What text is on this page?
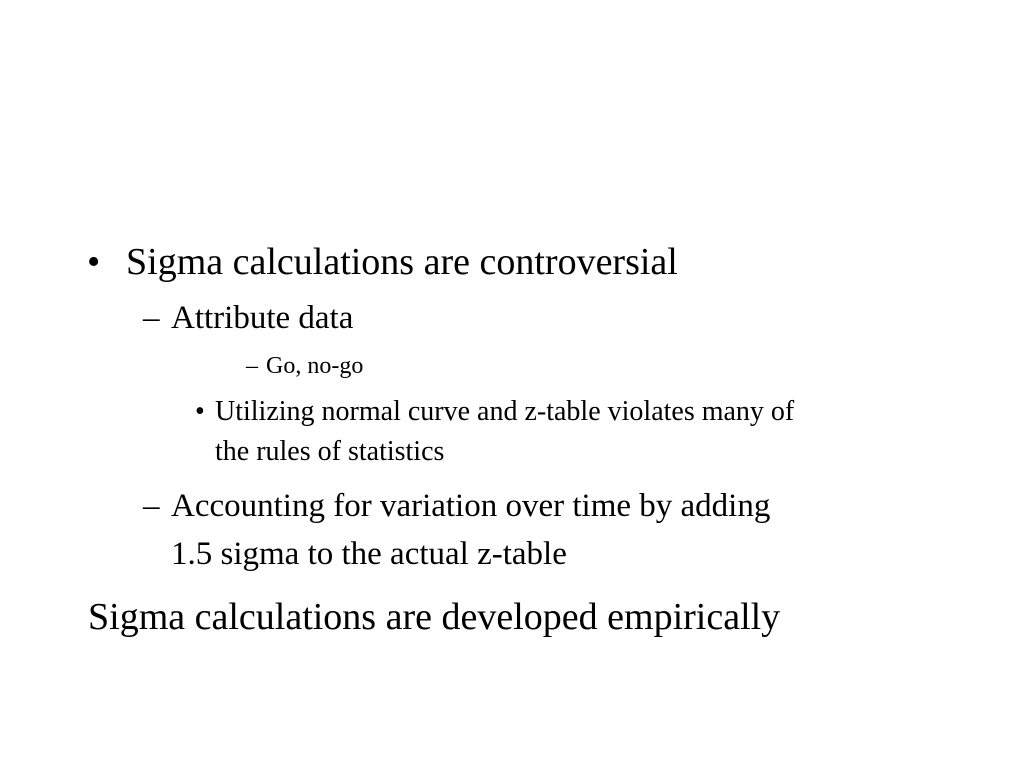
• Sigma calculations are controversial
– Attribute data
– Go, no-go
• Utilizing normal curve and z-table violates many of
the rules of statistics
– Accounting for variation over time by adding
1.5 sigma to the actual z-table
Sigma calculations are developed empirically
